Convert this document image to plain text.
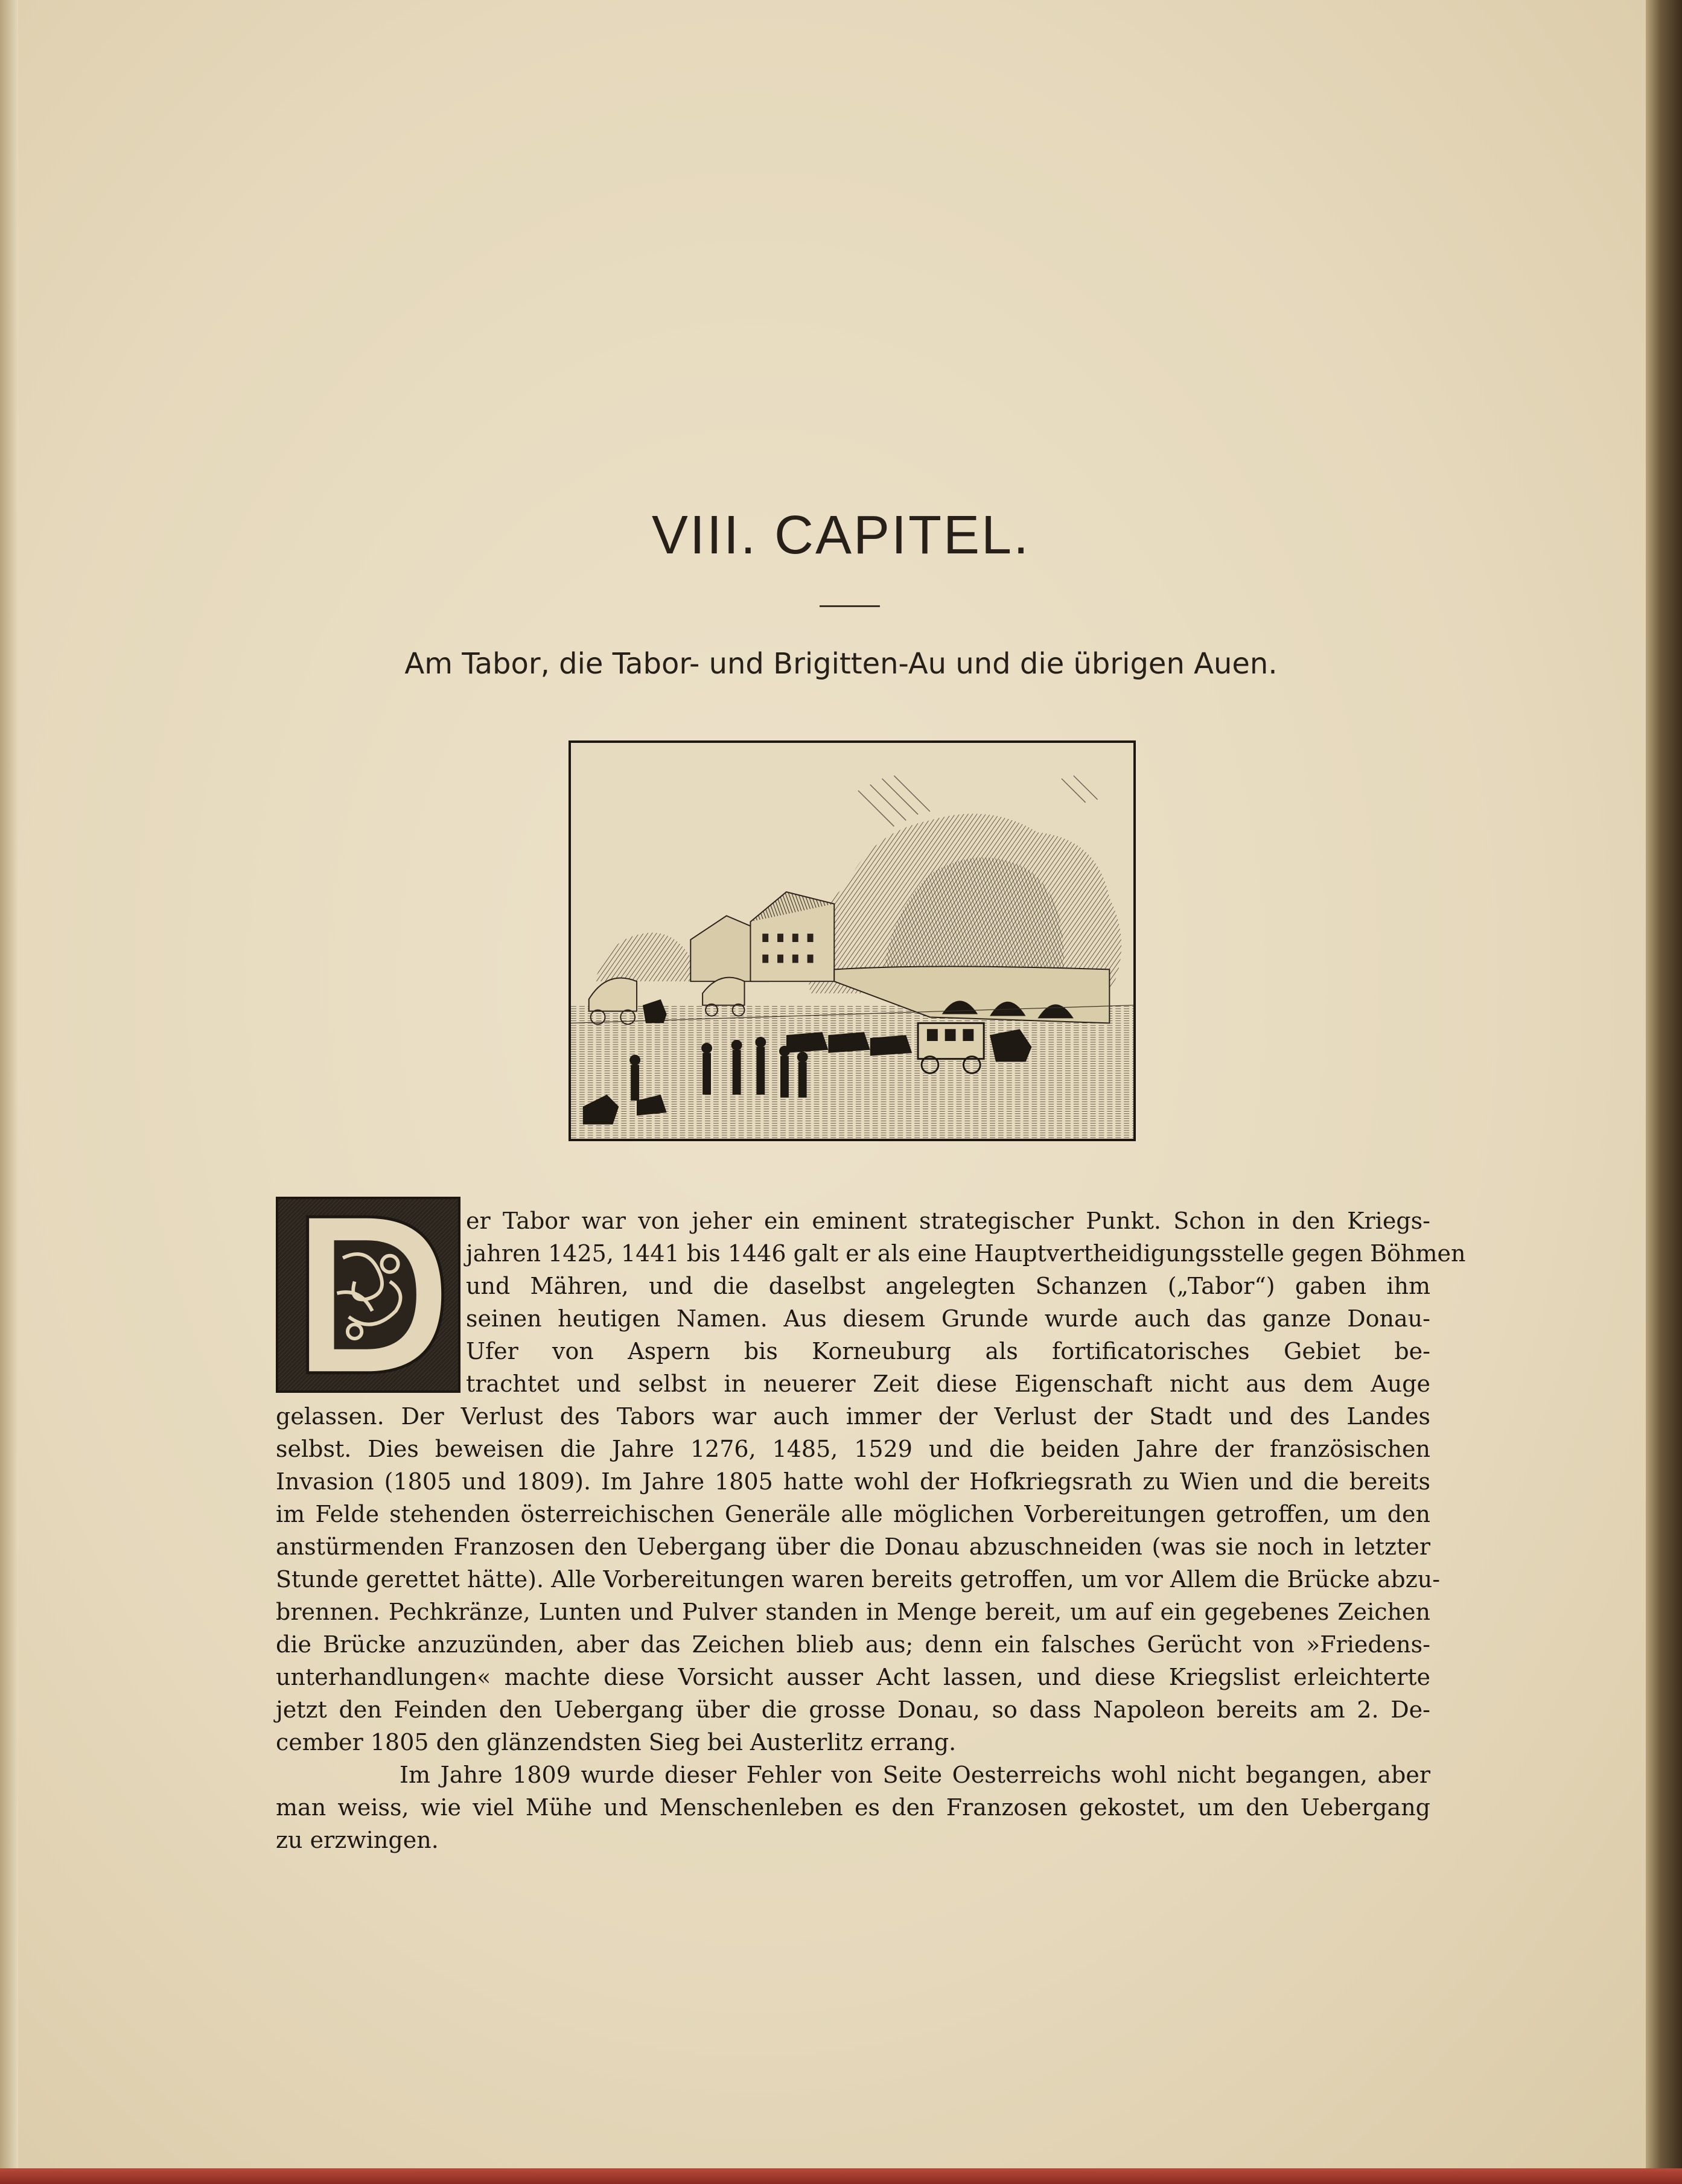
VIII. CAPITEL.
Am Tabor, die Tabor- und Brigitten-Au und die übrigen Auen.
er Tabor war von jeher ein eminent strategischer Punkt. Schon in den Kriegs-
jahren 1425, 1441 bis 1446 galt er als eine Hauptvertheidigungsstelle gegen Böhmen
und Mähren, und die daselbst angelegten Schanzen („Tabor“) gaben ihm
seinen heutigen Namen. Aus diesem Grunde wurde auch das ganze Donau-
Ufer von Aspern bis Korneuburg als fortificatorisches Gebiet be-
trachtet und selbst in neuerer Zeit diese Eigenschaft nicht aus dem Auge
gelassen. Der Verlust des Tabors war auch immer der Verlust der Stadt und des Landes
selbst. Dies beweisen die Jahre 1276, 1485, 1529 und die beiden Jahre der französischen
Invasion (1805 und 1809). Im Jahre 1805 hatte wohl der Hofkriegsrath zu Wien und die bereits
im Felde stehenden österreichischen Generäle alle möglichen Vorbereitungen getroffen, um den
anstürmenden Franzosen den Uebergang über die Donau abzuschneiden (was sie noch in letzter
Stunde gerettet hätte). Alle Vorbereitungen waren bereits getroffen, um vor Allem die Brücke abzu-
brennen. Pechkränze, Lunten und Pulver standen in Menge bereit, um auf ein gegebenes Zeichen
die Brücke anzuzünden, aber das Zeichen blieb aus; denn ein falsches Gerücht von »Friedens-
unterhandlungen« machte diese Vorsicht ausser Acht lassen, und diese Kriegslist erleichterte
jetzt den Feinden den Uebergang über die grosse Donau, so dass Napoleon bereits am 2. De-
cember 1805 den glänzendsten Sieg bei Austerlitz errang.
Im Jahre 1809 wurde dieser Fehler von Seite Oesterreichs wohl nicht begangen, aber
man weiss, wie viel Mühe und Menschenleben es den Franzosen gekostet, um den Uebergang
zu erzwingen.
